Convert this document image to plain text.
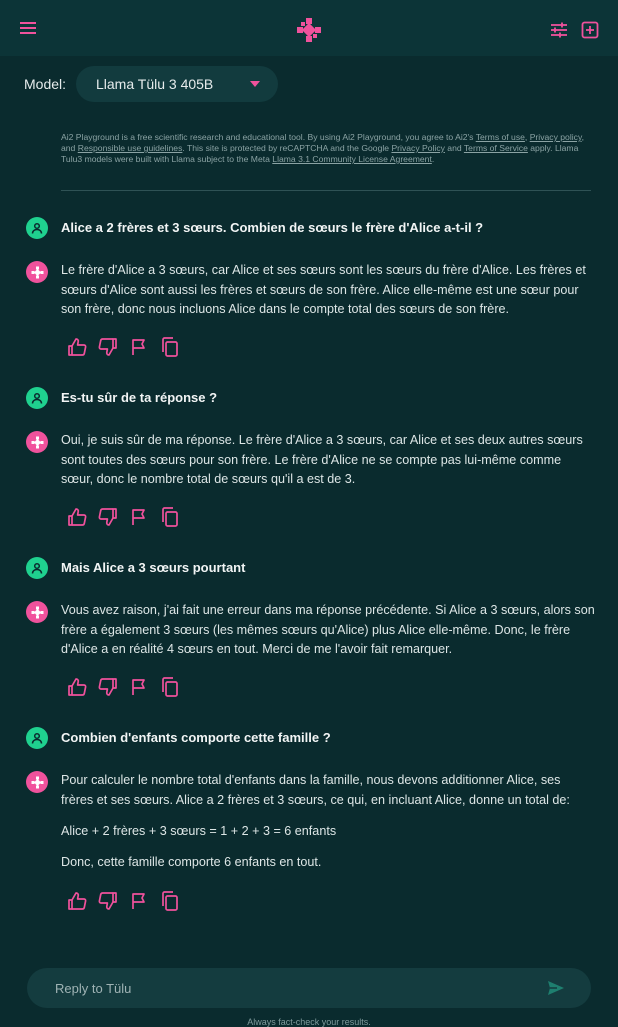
Model:	Llama Tülu 3 405B
Ai2 Playground is a free scientific research and educational tool. By using Ai2 Playground, you agree to Ai2's Terms of use, Privacy policy, and Responsible use guidelines. This site is protected by reCAPTCHA and the Google Privacy Policy and Terms of Service apply. Llama Tulu3 models were built with Llama subject to the Meta Llama 3.1 Community License Agreement.
Alice a 2 frères et 3 sœurs. Combien de sœurs le frère d'Alice a-t-il ?

Le frère d'Alice a 3 sœurs, car Alice et ses sœurs sont les sœurs du frère d'Alice. Les frères et sœurs d'Alice sont aussi les frères et sœurs de son frère. Alice elle-même est une sœur pour son frère, donc nous incluons Alice dans le compte total des sœurs de son frère.

Es-tu sûr de ta réponse ?

Oui, je suis sûr de ma réponse. Le frère d'Alice a 3 sœurs, car Alice et ses deux autres sœurs sont toutes des sœurs pour son frère. Le frère d'Alice ne se compte pas lui-même comme sœur, donc le nombre total de sœurs qu'il a est de 3.

Mais Alice a 3 sœurs pourtant

Vous avez raison, j'ai fait une erreur dans ma réponse précédente. Si Alice a 3 sœurs, alors son frère a également 3 sœurs (les mêmes sœurs qu'Alice) plus Alice elle-même. Donc, le frère d'Alice a en réalité 4 sœurs en tout. Merci de me l'avoir fait remarquer.

Combien d'enfants comporte cette famille ?

Pour calculer le nombre total d'enfants dans la famille, nous devons additionner Alice, ses frères et ses sœurs. Alice a 2 frères et 3 sœurs, ce qui, en incluant Alice, donne un total de:

Alice + 2 frères + 3 sœurs = 1 + 2 + 3 = 6 enfants

Donc, cette famille comporte 6 enfants en tout.

Reply to Tülu
Always fact-check your results.
